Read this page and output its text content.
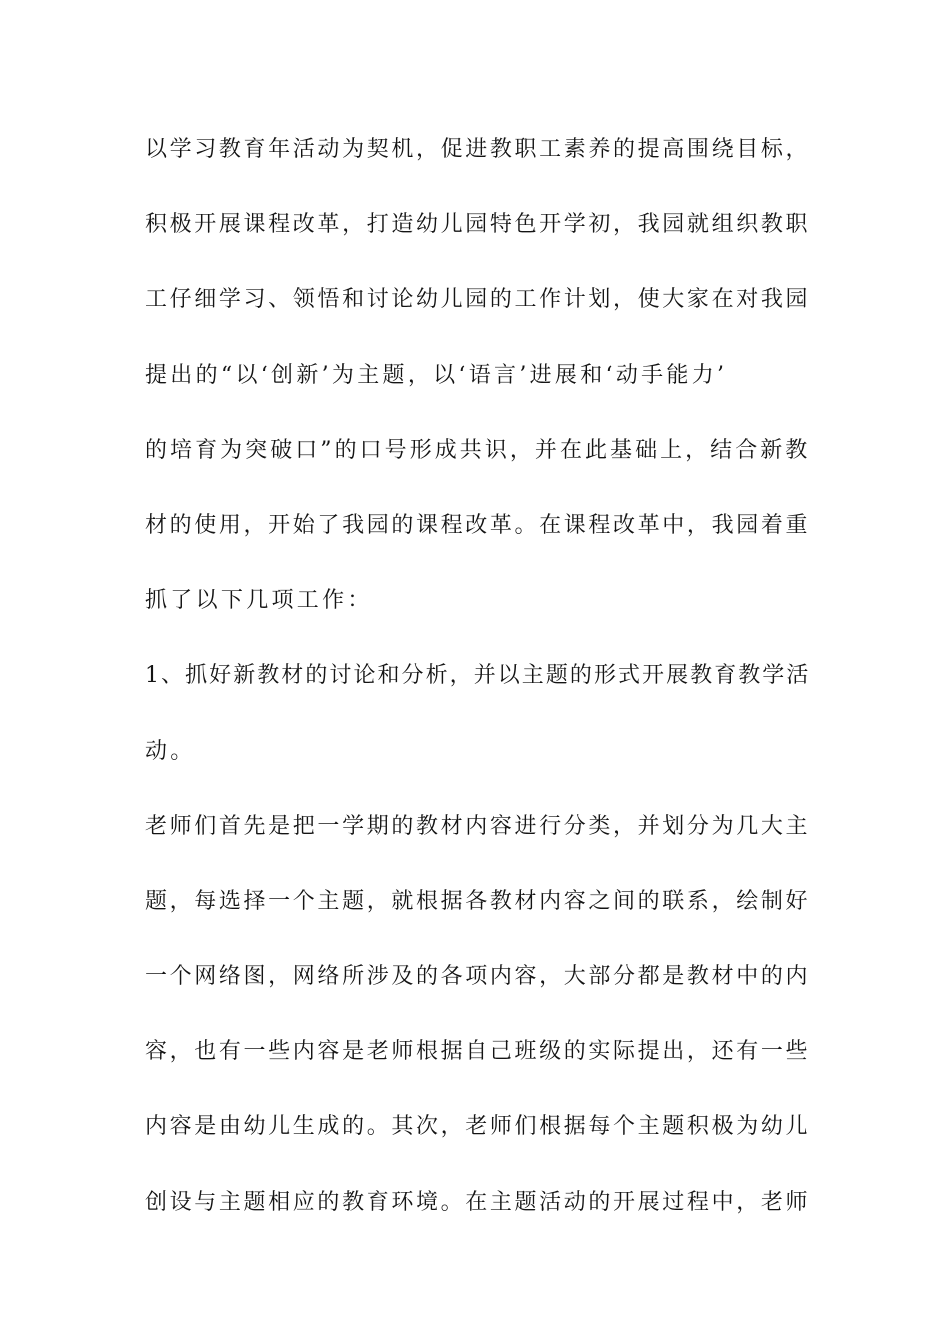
以学习教育年活动为契机，促进教职工素养的提高围绕目标，
积极开展课程改革，打造幼儿园特色开学初，我园就组织教职
工仔细学习、领悟和讨论幼儿园的工作计划，使大家在对我园
提出的“以‘创新’为主题，以‘语言’进展和‘动手能力’
的培育为突破口”的口号形成共识，并在此基础上，结合新教
材的使用，开始了我园的课程改革。在课程改革中，我园着重
抓了以下几项工作：
1、抓好新教材的讨论和分析，并以主题的形式开展教育教学活
动。
老师们首先是把一学期的教材内容进行分类，并划分为几大主
题，每选择一个主题，就根据各教材内容之间的联系，绘制好
一个网络图，网络所涉及的各项内容，大部分都是教材中的内
容，也有一些内容是老师根据自己班级的实际提出，还有一些
内容是由幼儿生成的。其次，老师们根据每个主题积极为幼儿
创设与主题相应的教育环境。在主题活动的开展过程中，老师
